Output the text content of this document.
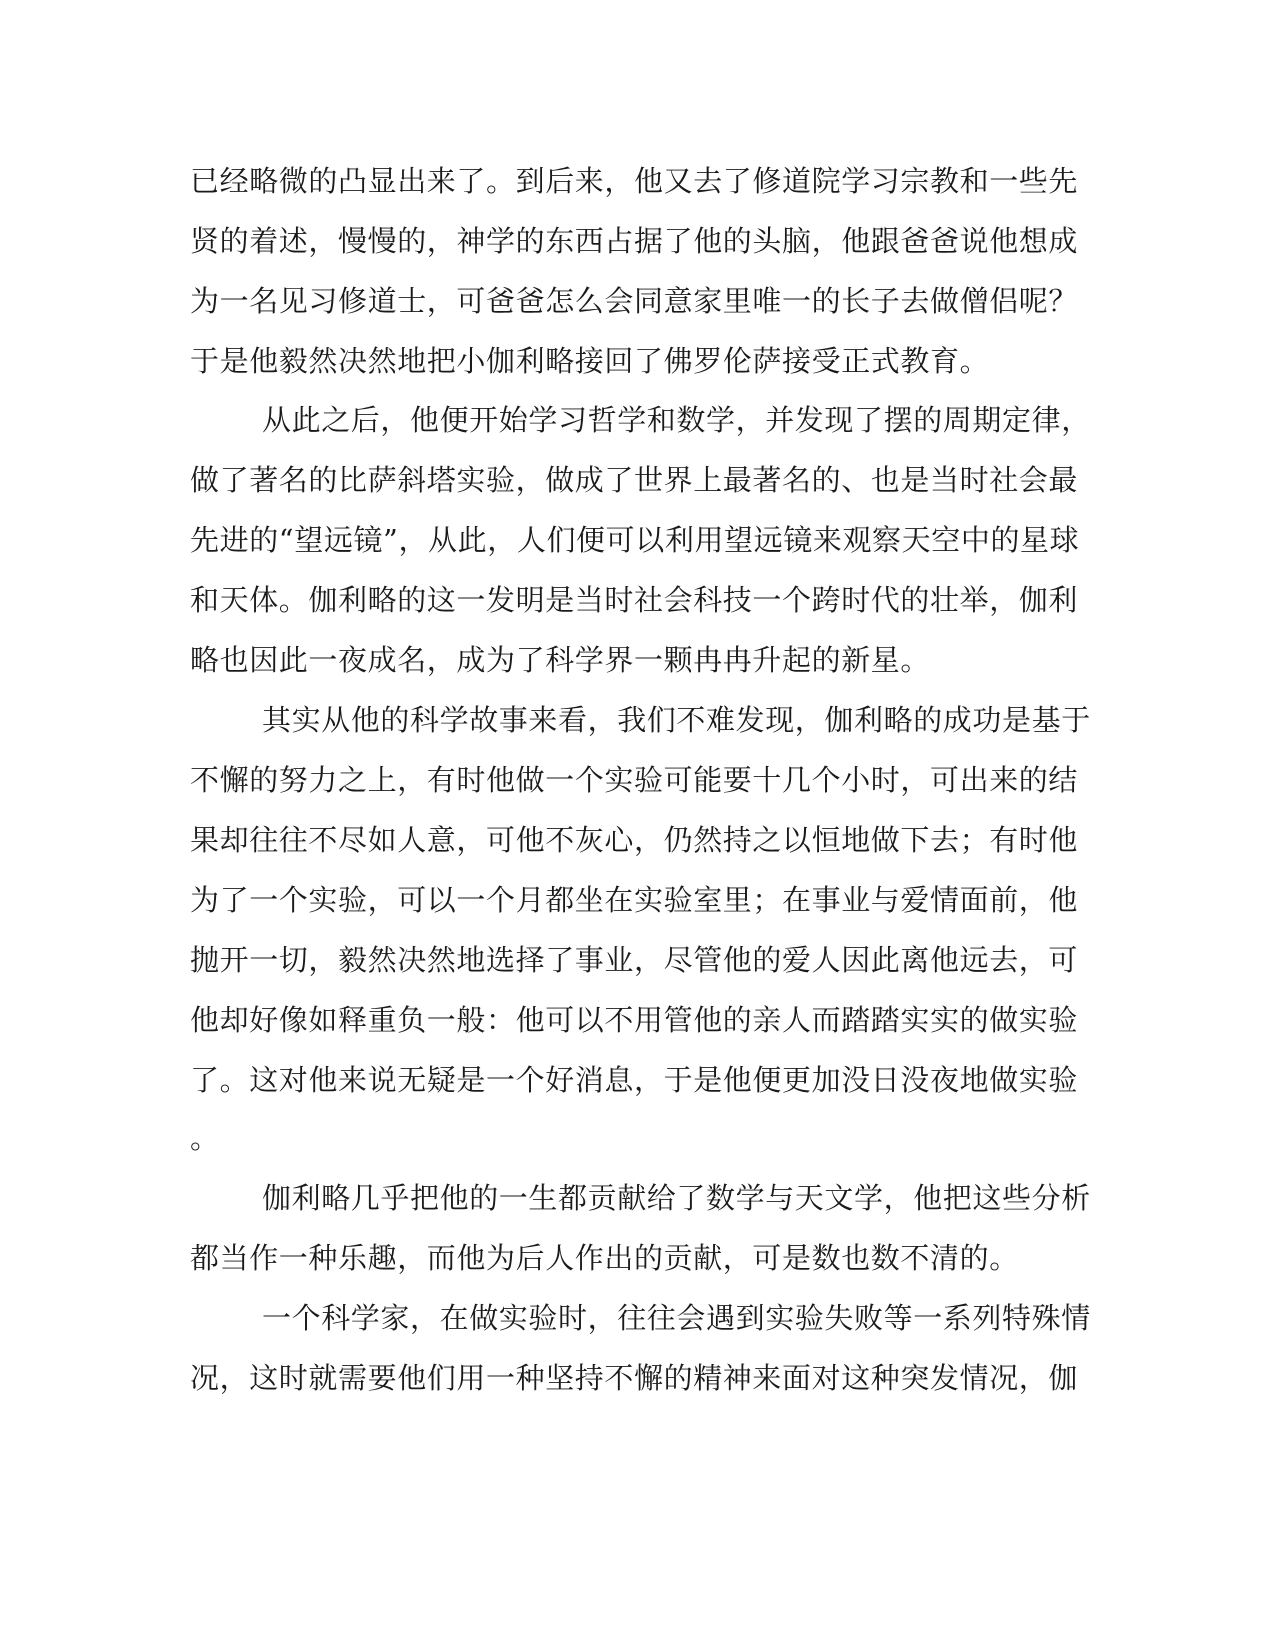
已经略微的凸显出来了。到后来，他又去了修道院学习宗教和一些先
贤的着述，慢慢的，神学的东西占据了他的头脑，他跟爸爸说他想成
为一名见习修道士，可爸爸怎么会同意家里唯一的长子去做僧侣呢？
于是他毅然决然地把小伽利略接回了佛罗伦萨接受正式教育。
从此之后，他便开始学习哲学和数学，并发现了摆的周期定律，
做了著名的比萨斜塔实验，做成了世界上最著名的、也是当时社会最
先进的“望远镜”，从此，人们便可以利用望远镜来观察天空中的星球
和天体。伽利略的这一发明是当时社会科技一个跨时代的壮举，伽利
略也因此一夜成名，成为了科学界一颗冉冉升起的新星。
其实从他的科学故事来看，我们不难发现，伽利略的成功是基于
不懈的努力之上，有时他做一个实验可能要十几个小时，可出来的结
果却往往不尽如人意，可他不灰心，仍然持之以恒地做下去；有时他
为了一个实验，可以一个月都坐在实验室里；在事业与爱情面前，他
抛开一切，毅然决然地选择了事业，尽管他的爱人因此离他远去，可
他却好像如释重负一般：他可以不用管他的亲人而踏踏实实的做实验
了。这对他来说无疑是一个好消息，于是他便更加没日没夜地做实验
。
伽利略几乎把他的一生都贡献给了数学与天文学，他把这些分析
都当作一种乐趣，而他为后人作出的贡献，可是数也数不清的。
一个科学家，在做实验时，往往会遇到实验失败等一系列特殊情
况，这时就需要他们用一种坚持不懈的精神来面对这种突发情况，伽
